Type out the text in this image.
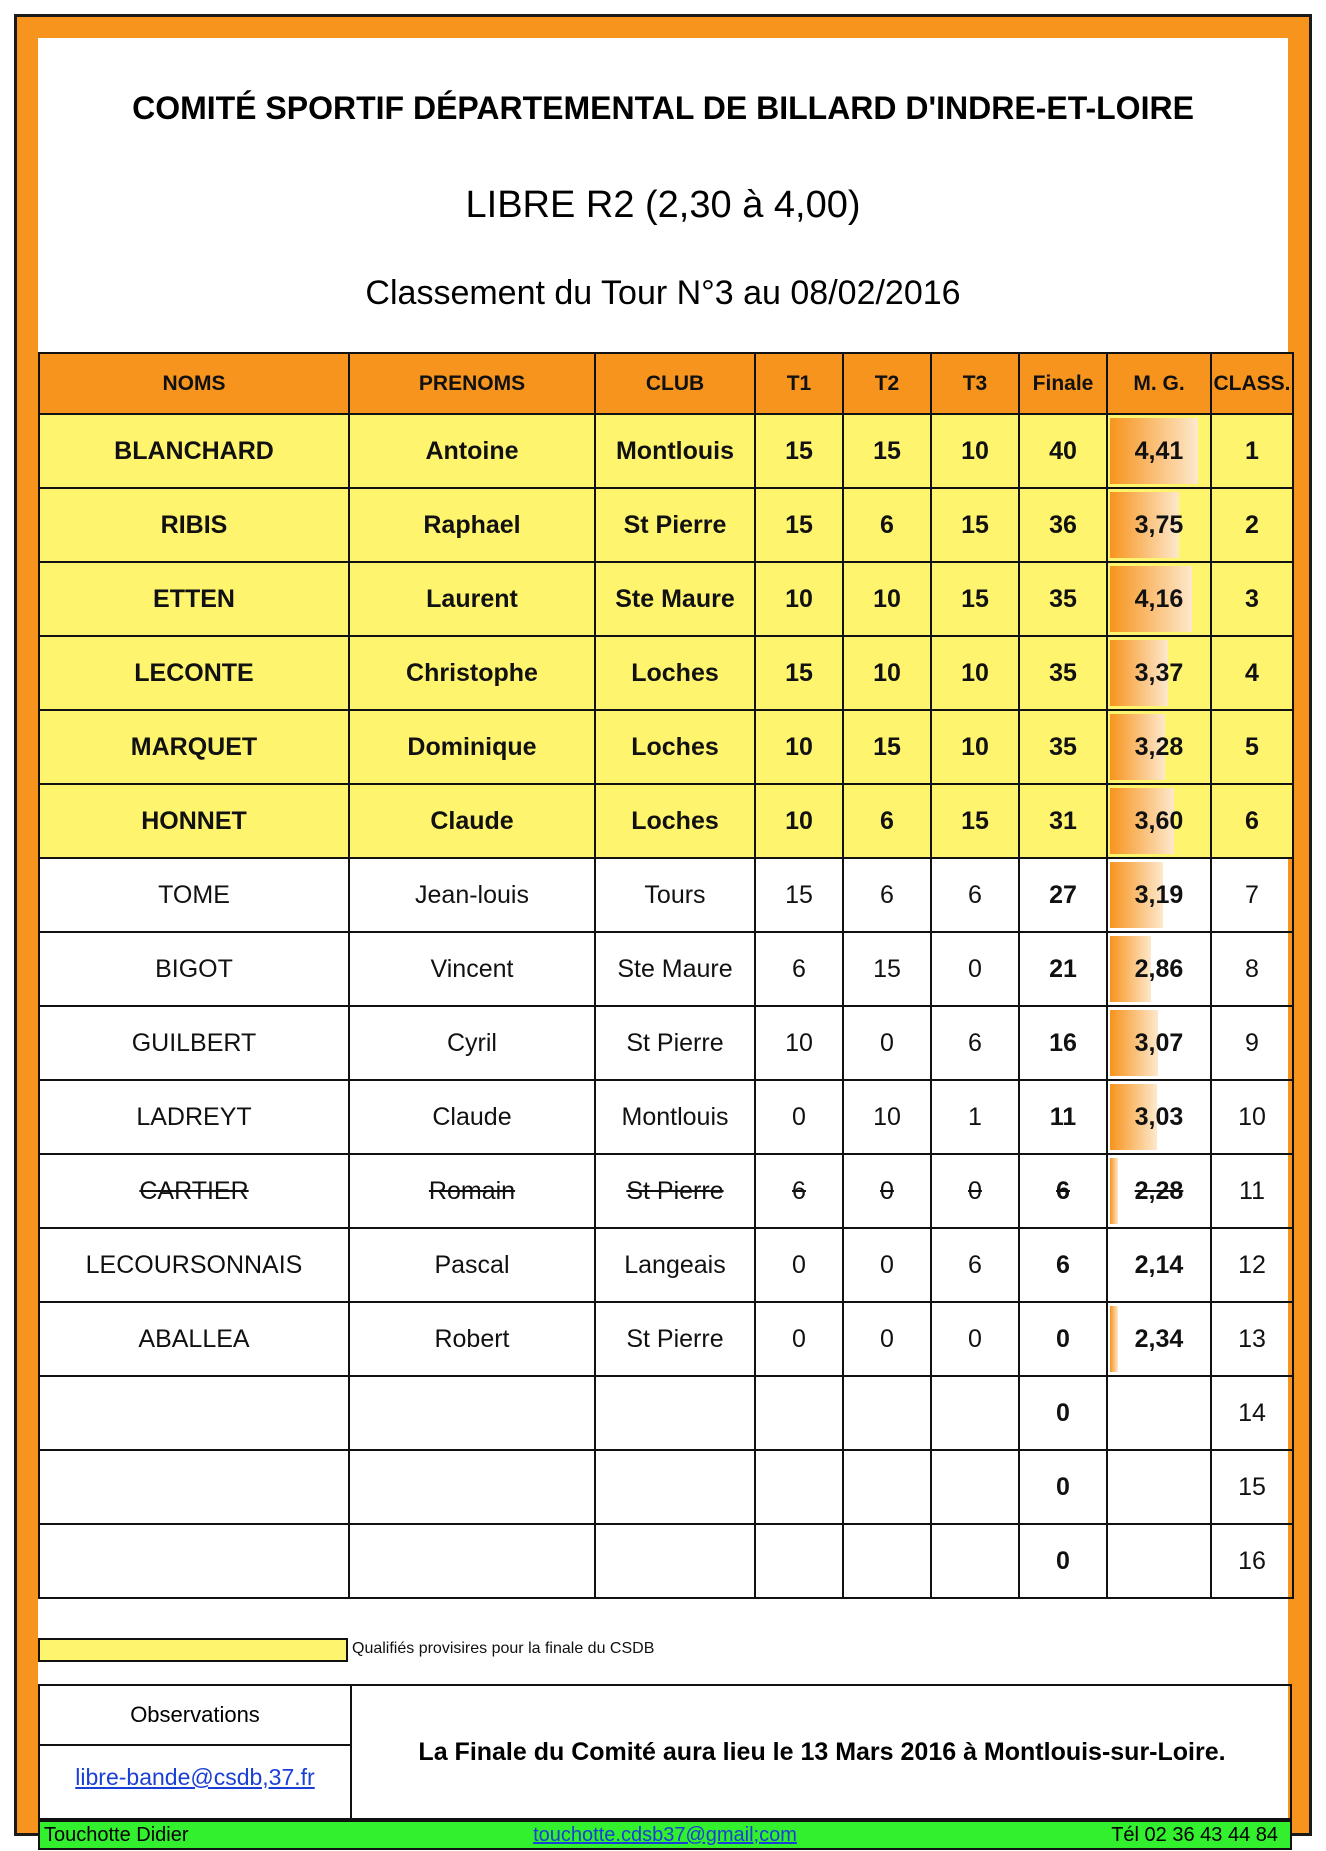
COMITÉ SPORTIF DÉPARTEMENTAL DE BILLARD D'INDRE-ET-LOIRE
LIBRE R2 (2,30 à 4,00)
Classement du Tour N°3 au 08/02/2016
NOMS	PRENOMS	CLUB	T1	T2	T3	Finale	M. G.	CLASS.
BLANCHARD	Antoine	Montlouis	15	15	10	40	4,41	1
RIBIS	Raphael	St Pierre	15	6	15	36	3,75	2
ETTEN	Laurent	Ste Maure	10	10	15	35	4,16	3
LECONTE	Christophe	Loches	15	10	10	35	3,37	4
MARQUET	Dominique	Loches	10	15	10	35	3,28	5
HONNET	Claude	Loches	10	6	15	31	3,60	6
TOME	Jean-louis	Tours	15	6	6	27	3,19	7
BIGOT	Vincent	Ste Maure	6	15	0	21	2,86	8
GUILBERT	Cyril	St Pierre	10	0	6	16	3,07	9
LADREYT	Claude	Montlouis	0	10	1	11	3,03	10
CARTIER	Romain	St Pierre	6	0	0	6	2,28	11
LECOURSONNAIS	Pascal	Langeais	0	0	6	6	2,14	12
ABALLEA	Robert	St Pierre	0	0	0	0	2,34	13
						0		14
						0		15
						0		16
Qualifiés provisires pour la finale du CSDB
Observations
libre-bande@csdb,37.fr
La Finale du Comité aura lieu le 13 Mars 2016 à Montlouis-sur-Loire.
touchotte.cdsb37@gmail;com
Touchotte Didier	Tél 02 36 43 44 84
